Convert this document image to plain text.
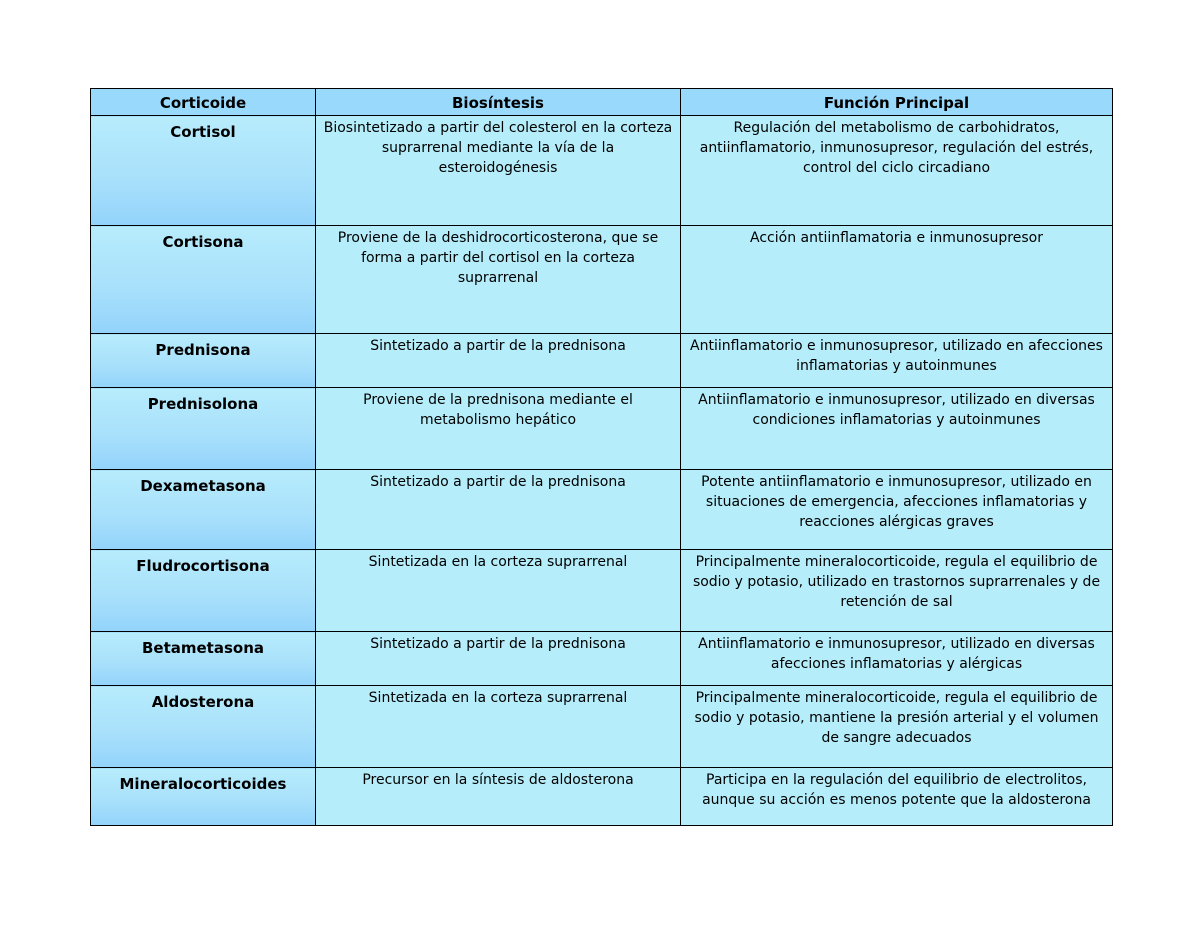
Corticoide	Biosíntesis	Función Principal
Cortisol	Biosintetizado a partir del colesterol en la corteza suprarrenal mediante la vía de la esteroidogénesis	Regulación del metabolismo de carbohidratos, antiinflamatorio, inmunosupresor, regulación del estrés, control del ciclo circadiano
Cortisona	Proviene de la deshidrocorticosterona, que se forma a partir del cortisol en la corteza suprarrenal	Acción antiinflamatoria e inmunosupresor
Prednisona	Sintetizado a partir de la prednisona	Antiinflamatorio e inmunosupresor, utilizado en afecciones inflamatorias y autoinmunes
Prednisolona	Proviene de la prednisona mediante el metabolismo hepático	Antiinflamatorio e inmunosupresor, utilizado en diversas condiciones inflamatorias y autoinmunes
Dexametasona	Sintetizado a partir de la prednisona	Potente antiinflamatorio e inmunosupresor, utilizado en situaciones de emergencia, afecciones inflamatorias y reacciones alérgicas graves
Fludrocortisona	Sintetizada en la corteza suprarrenal	Principalmente mineralocorticoide, regula el equilibrio de sodio y potasio, utilizado en trastornos suprarrenales y de retención de sal
Betametasona	Sintetizado a partir de la prednisona	Antiinflamatorio e inmunosupresor, utilizado en diversas afecciones inflamatorias y alérgicas
Aldosterona	Sintetizada en la corteza suprarrenal	Principalmente mineralocorticoide, regula el equilibrio de sodio y potasio, mantiene la presión arterial y el volumen de sangre adecuados
Mineralocorticoides	Precursor en la síntesis de aldosterona	Participa en la regulación del equilibrio de electrolitos, aunque su acción es menos potente que la aldosterona
